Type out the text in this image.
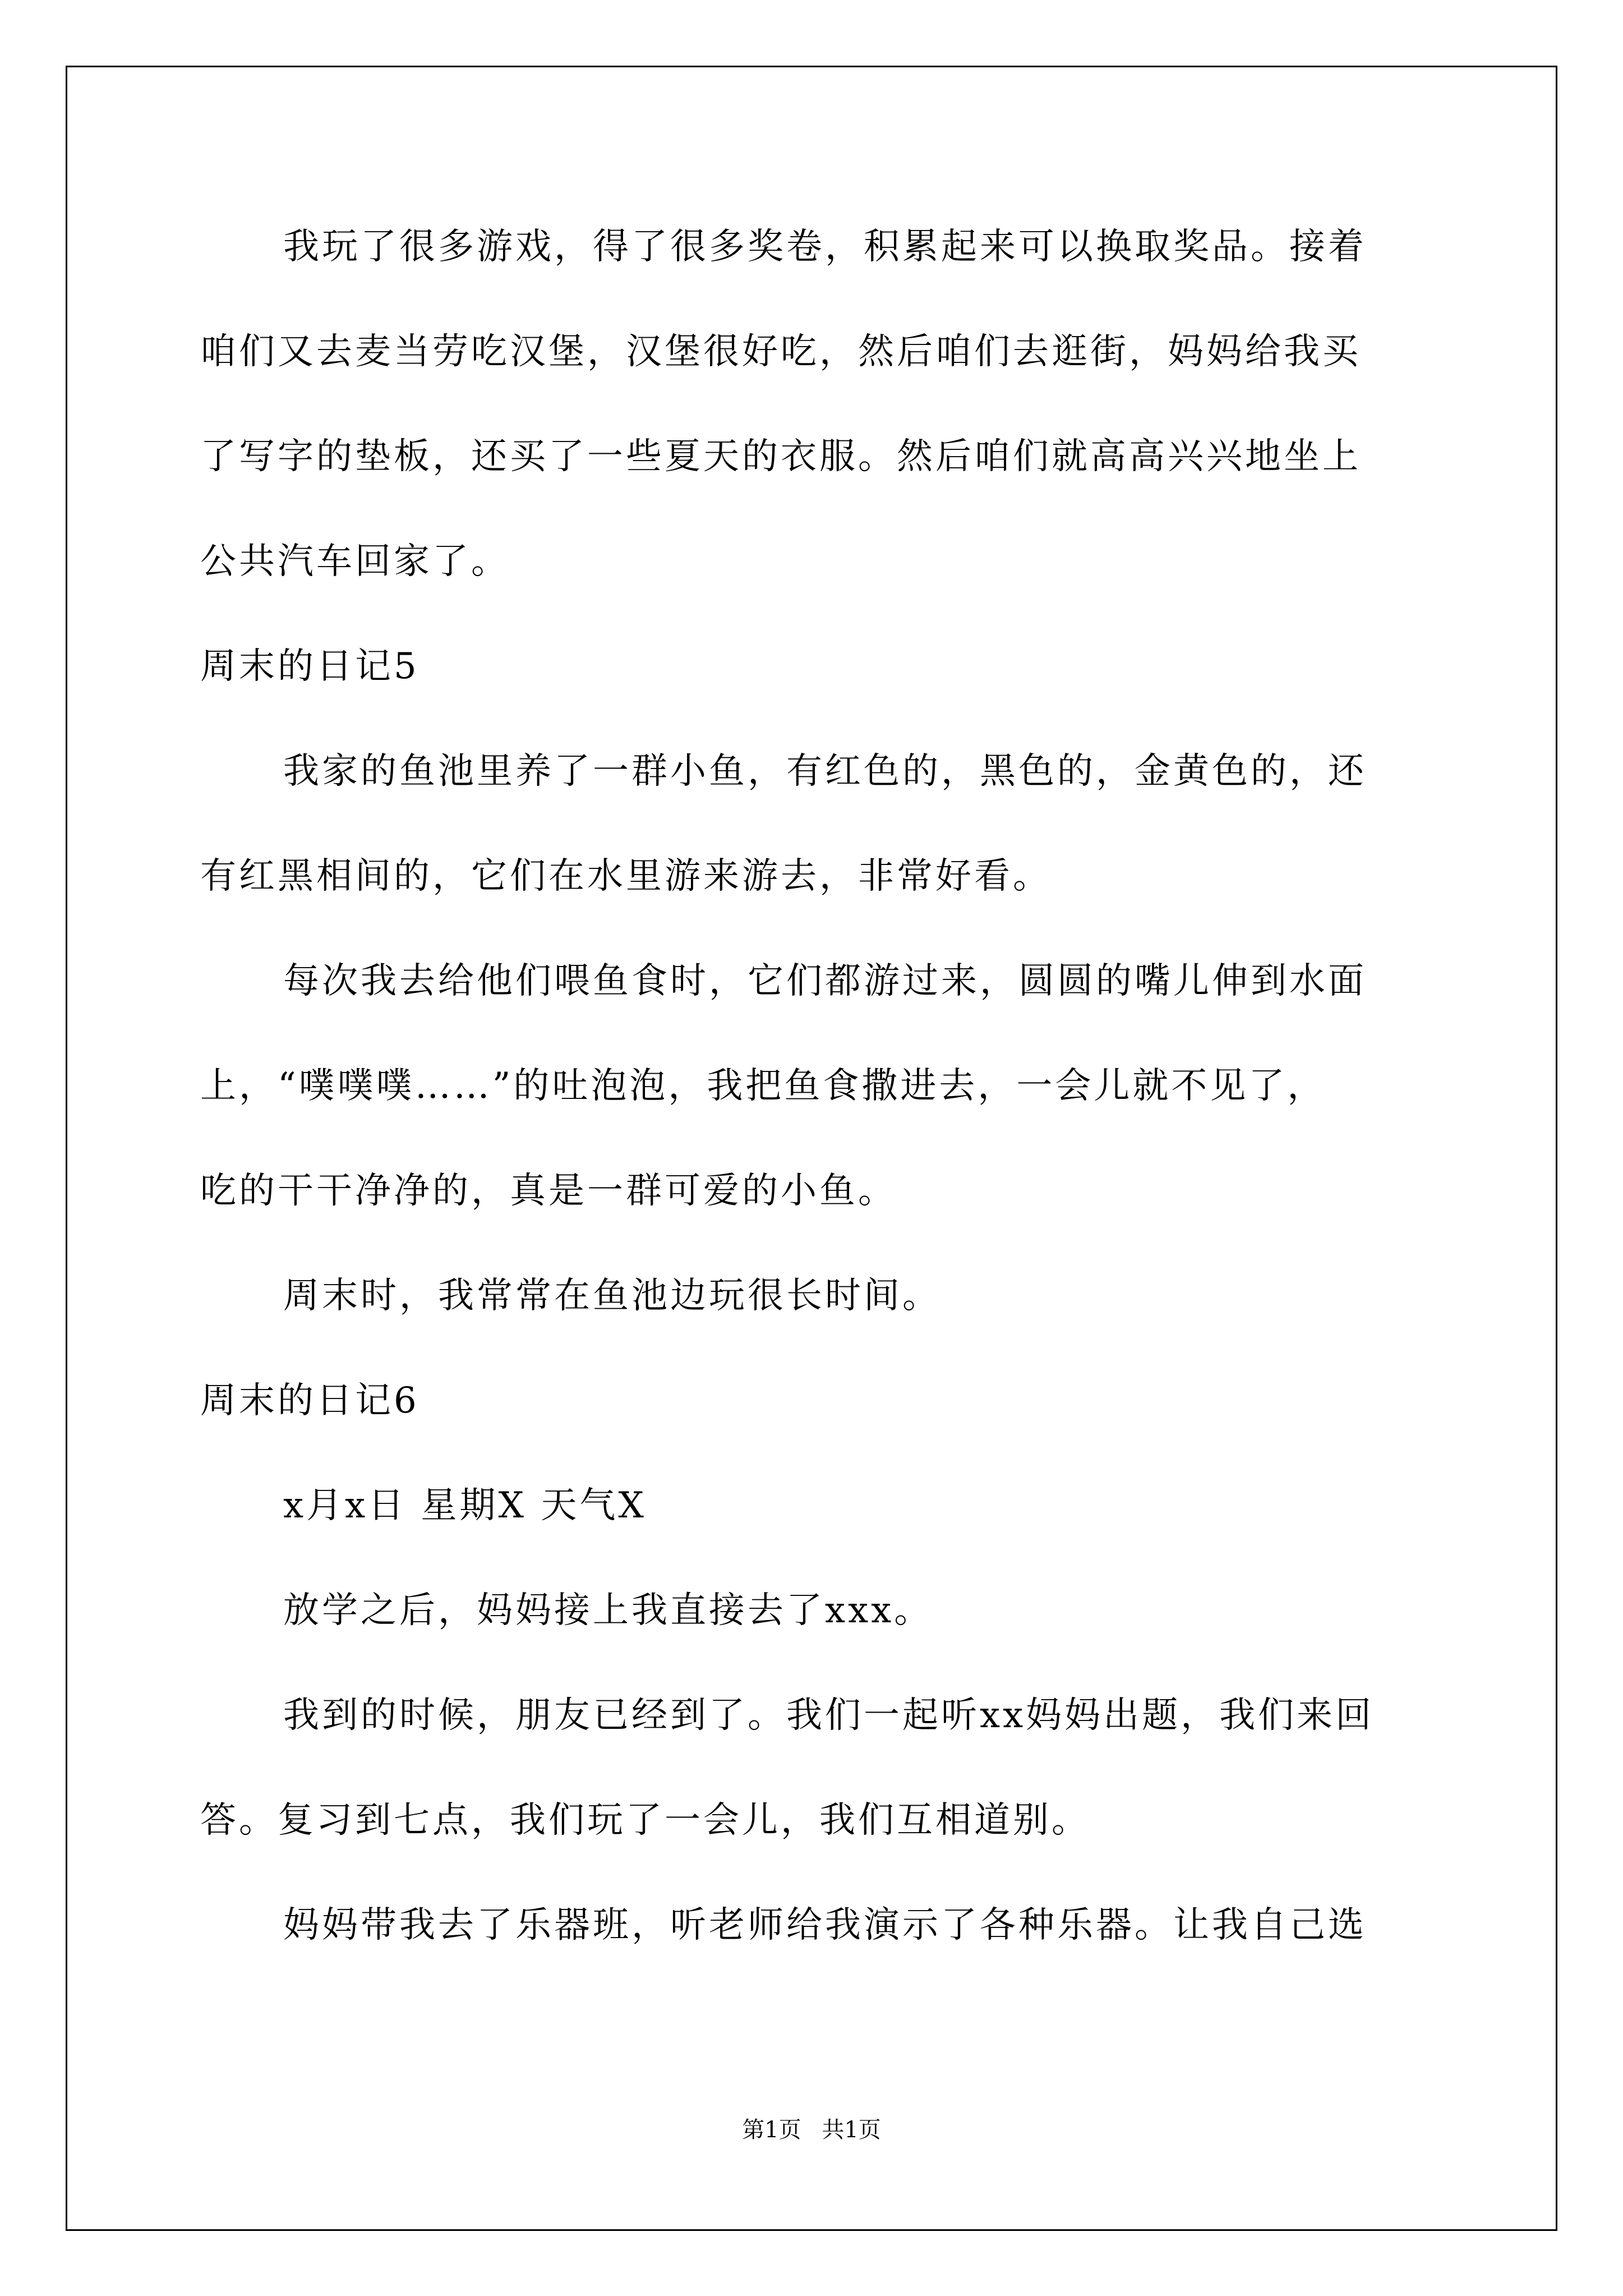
我玩了很多游戏，得了很多奖卷，积累起来可以换取奖品。接着
咱们又去麦当劳吃汉堡，汉堡很好吃，然后咱们去逛街，妈妈给我买
了写字的垫板，还买了一些夏天的衣服。然后咱们就高高兴兴地坐上
公共汽车回家了。
周末的日记5
我家的鱼池里养了一群小鱼，有红色的，黑色的，金黄色的，还
有红黑相间的，它们在水里游来游去，非常好看。
每次我去给他们喂鱼食时，它们都游过来，圆圆的嘴儿伸到水面
上，“噗噗噗……”的吐泡泡，我把鱼食撒进去，一会儿就不见了，
吃的干干净净的，真是一群可爱的小鱼。
周末时，我常常在鱼池边玩很长时间。
周末的日记6
x月x日 星期X 天气X
放学之后，妈妈接上我直接去了xxx。
我到的时候，朋友已经到了。我们一起听xx妈妈出题，我们来回
答。复习到七点，我们玩了一会儿，我们互相道别。
妈妈带我去了乐器班，听老师给我演示了各种乐器。让我自己选
第1页 共1页
